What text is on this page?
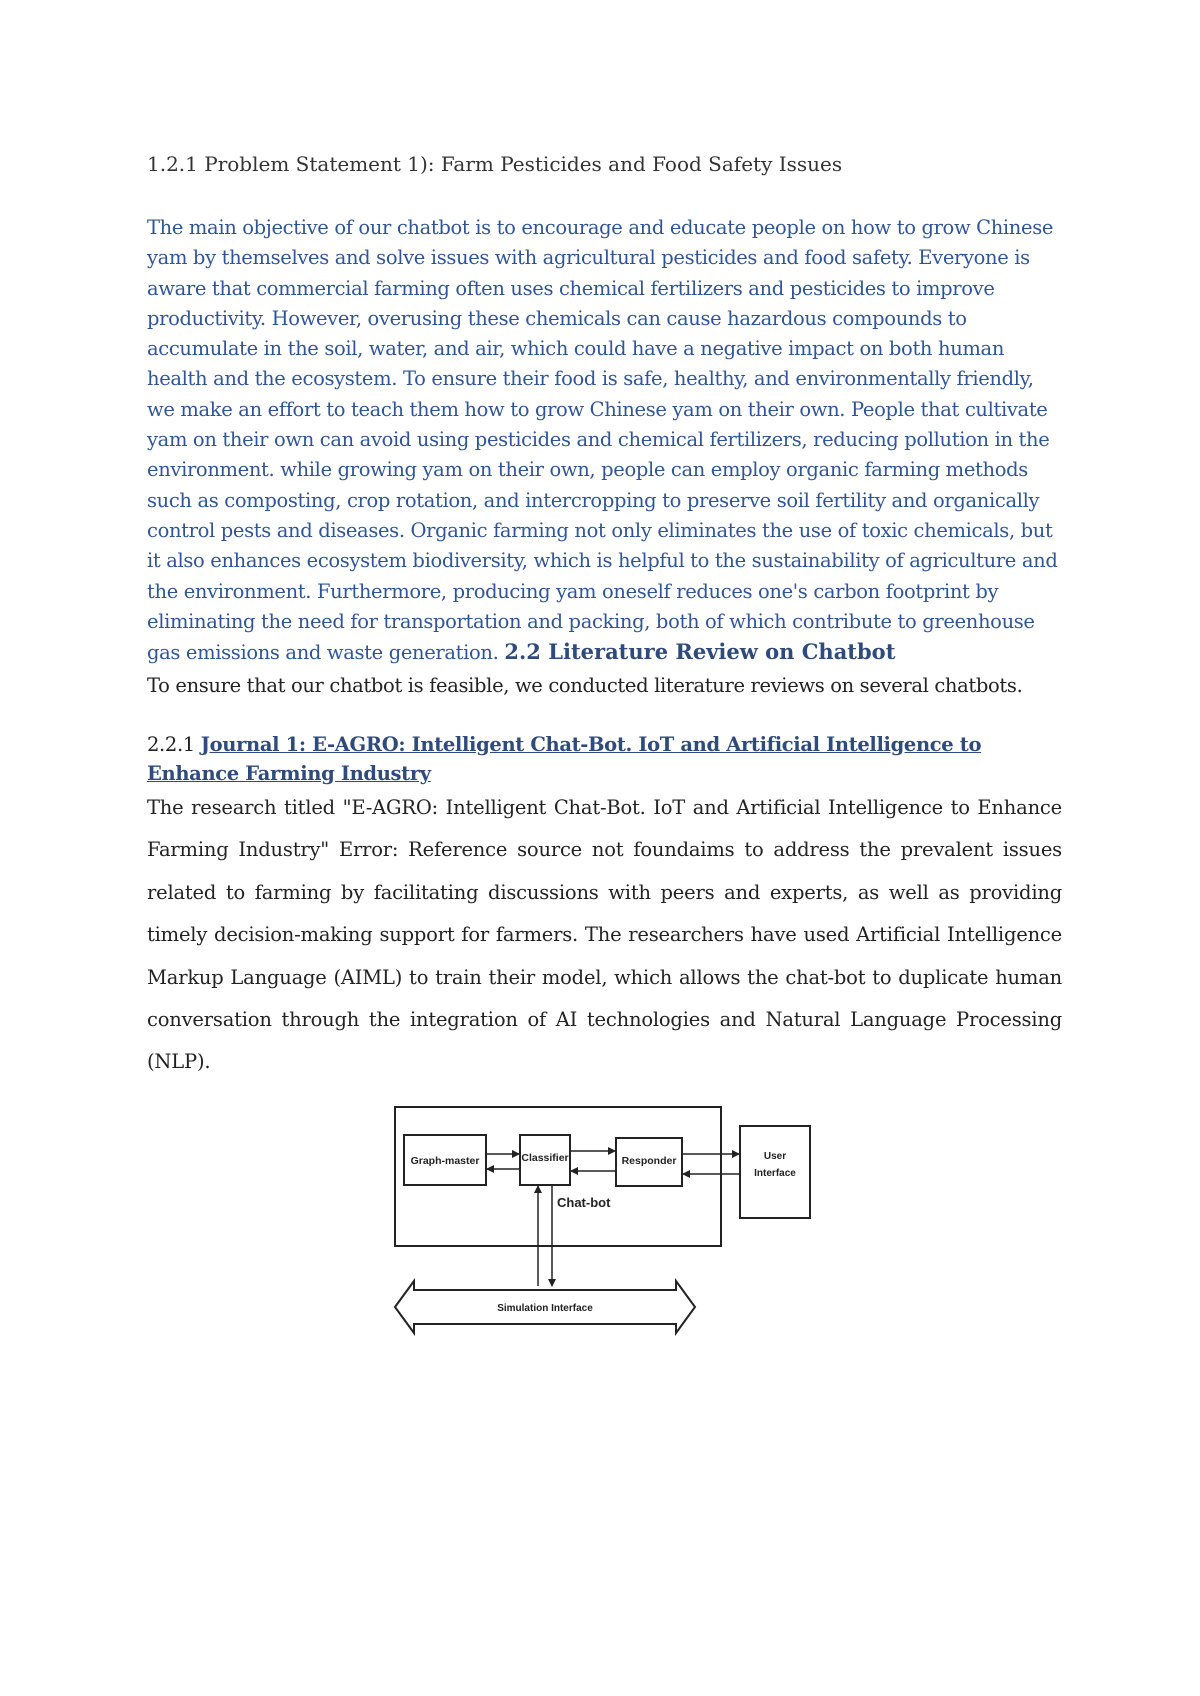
1.2.1 Problem Statement 1): Farm Pesticides and Food Safety Issues
The main objective of our chatbot is to encourage and educate people on how to grow Chinese yam by themselves and solve issues with agricultural pesticides and food safety. Everyone is aware that commercial farming often uses chemical fertilizers and pesticides to improve productivity. However, overusing these chemicals can cause hazardous compounds to accumulate in the soil, water, and air, which could have a negative impact on both human health and the ecosystem. To ensure their food is safe, healthy, and environmentally friendly, we make an effort to teach them how to grow Chinese yam on their own. People that cultivate yam on their own can avoid using pesticides and chemical fertilizers, reducing pollution in the environment. while growing yam on their own, people can employ organic farming methods such as composting, crop rotation, and intercropping to preserve soil fertility and organically control pests and diseases. Organic farming not only eliminates the use of toxic chemicals, but it also enhances ecosystem biodiversity, which is helpful to the sustainability of agriculture and the environment. Furthermore, producing yam oneself reduces one's carbon footprint by eliminating the need for transportation and packing, both of which contribute to greenhouse gas emissions and waste generation. 2.2 Literature Review on Chatbot
To ensure that our chatbot is feasible, we conducted literature reviews on several chatbots.
2.2.1 Journal 1: E-AGRO: Intelligent Chat-Bot. IoT and Artificial Intelligence to Enhance Farming Industry
The research titled "E-AGRO: Intelligent Chat-Bot. IoT and Artificial Intelligence to Enhance Farming Industry" Error: Reference source not foundaims to address the prevalent issues related to farming by facilitating discussions with peers and experts, as well as providing timely decision-making support for farmers. The researchers have used Artificial Intelligence Markup Language (AIML) to train their model, which allows the chat-bot to duplicate human conversation through the integration of AI technologies and Natural Language Processing (NLP).
Graph-master	Classifier	Responder	User
Interface
Chat-bot
Simulation Interface
